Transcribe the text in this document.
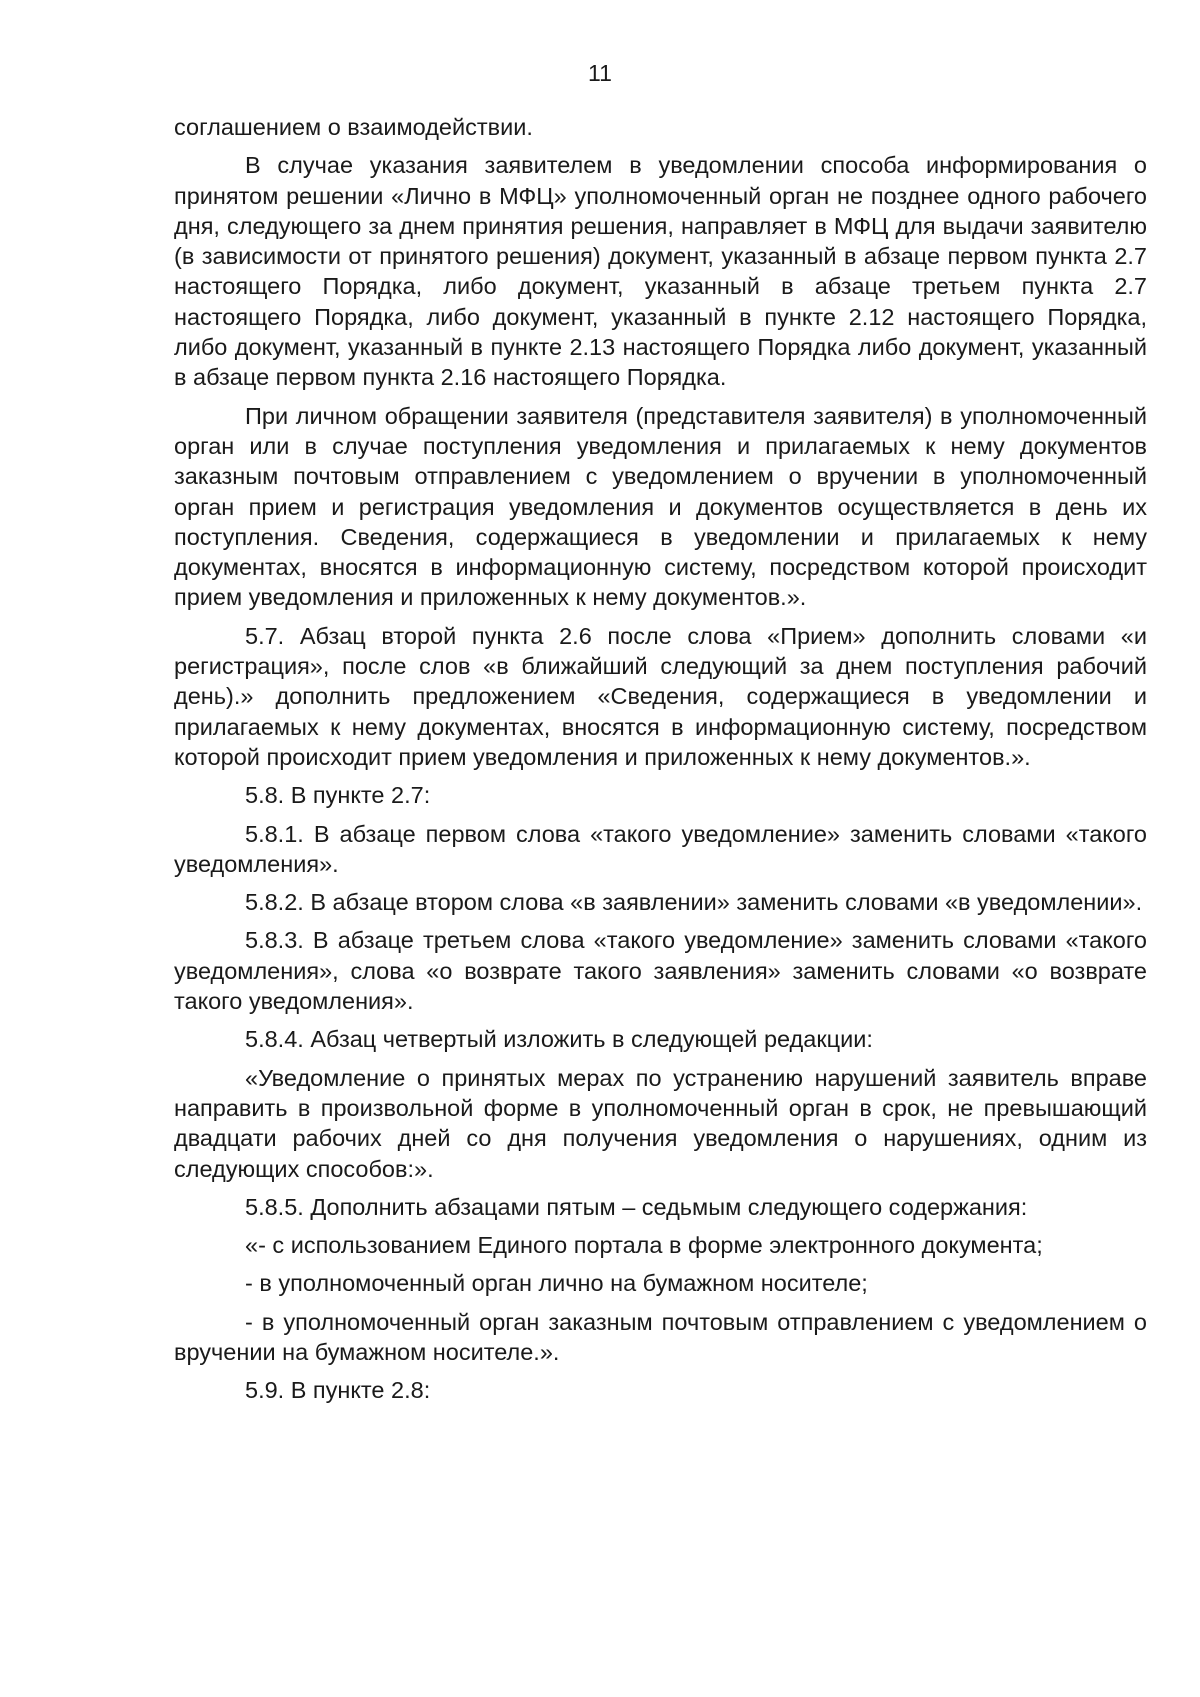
11

соглашением о взаимодействии.

В случае указания заявителем в уведомлении способа информирования о принятом решении «Лично в МФЦ» уполномоченный орган не позднее одного рабочего дня, следующего за днем принятия решения, направляет в МФЦ для выдачи заявителю (в зависимости от принятого решения) документ, указанный в абзаце первом пункта 2.7 настоящего Порядка, либо документ, указанный в абзаце третьем пункта 2.7 настоящего Порядка, либо документ, указанный в пункте 2.12 настоящего Порядка, либо документ, указанный в пункте 2.13 настоящего Порядка либо документ, указанный в абзаце первом пункта 2.16 настоящего Порядка.

При личном обращении заявителя (представителя заявителя) в уполномоченный орган или в случае поступления уведомления и прилагаемых к нему документов заказным почтовым отправлением с уведомлением о вручении в уполномоченный орган прием и регистрация уведомления и документов осуществляется в день их поступления. Сведения, содержащиеся в уведомлении и прилагаемых к нему документах, вносятся в информационную систему, посредством которой происходит прием уведомления и приложенных к нему документов.».

5.7. Абзац второй пункта 2.6 после слова «Прием» дополнить словами «и регистрация», после слов «в ближайший следующий за днем поступления рабочий день).» дополнить предложением «Сведения, содержащиеся в уведомлении и прилагаемых к нему документах, вносятся в информационную систему, посредством которой происходит прием уведомления и приложенных к нему документов.».

5.8. В пункте 2.7:

5.8.1. В абзаце первом слова «такого уведомление» заменить словами «такого уведомления».

5.8.2. В абзаце втором слова «в заявлении» заменить словами «в уведомлении».

5.8.3. В абзаце третьем слова «такого уведомление» заменить словами «такого уведомления», слова «о возврате такого заявления» заменить словами «о возврате такого уведомления».

5.8.4. Абзац четвертый изложить в следующей редакции:

«Уведомление о принятых мерах по устранению нарушений заявитель вправе направить в произвольной форме в уполномоченный орган в срок, не превышающий двадцати рабочих дней со дня получения уведомления о нарушениях, одним из следующих способов:».

5.8.5. Дополнить абзацами пятым – седьмым следующего содержания:

«- с использованием Единого портала в форме электронного документа;

- в уполномоченный орган лично на бумажном носителе;

- в уполномоченный орган заказным почтовым отправлением с уведомлением о вручении на бумажном носителе.».

5.9. В пункте 2.8:
